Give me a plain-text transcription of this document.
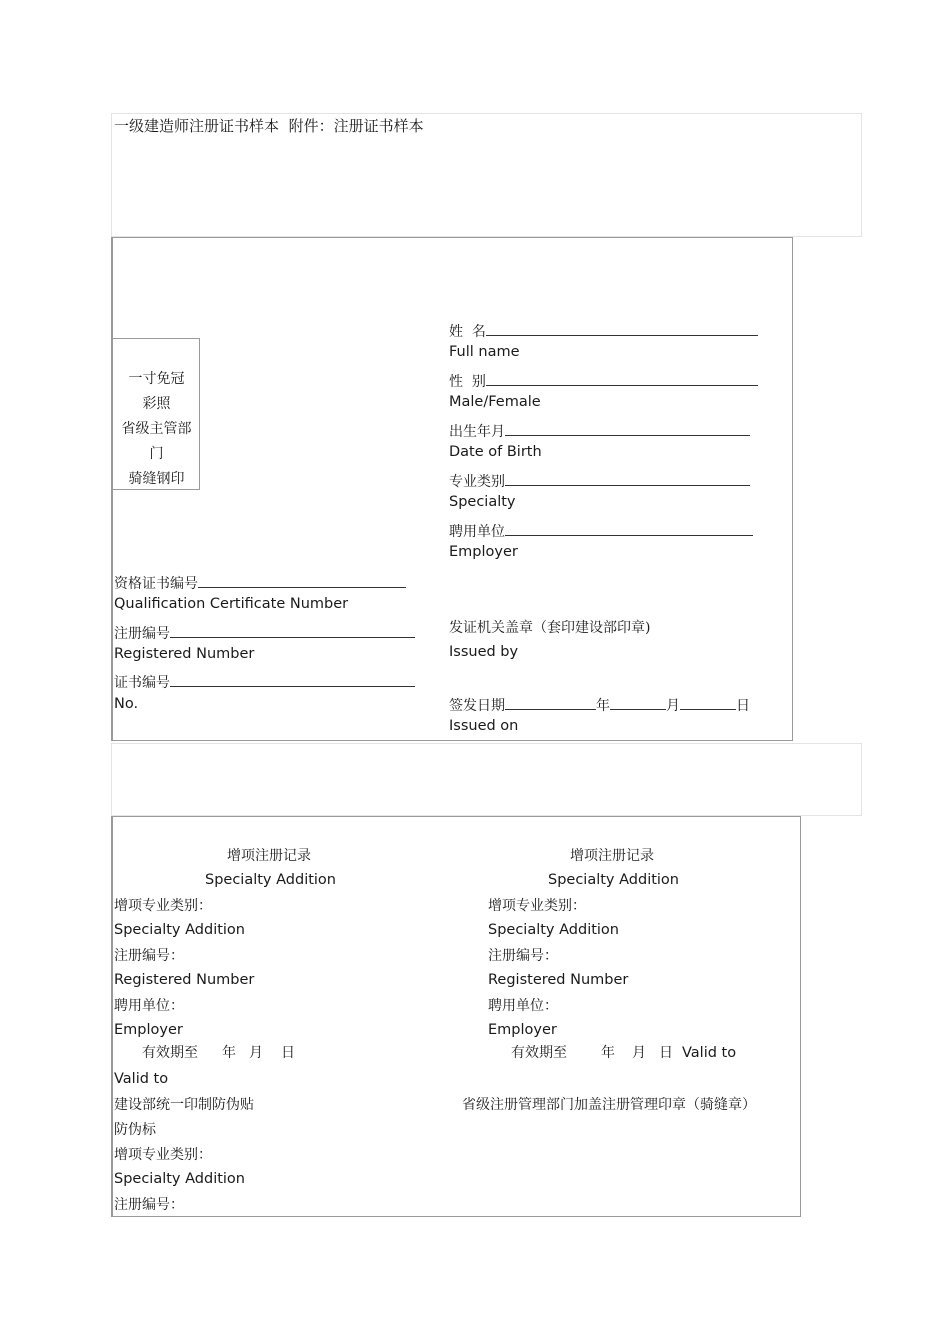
一级建造师注册证书样本 附件：注册证书样本
一寸免冠
彩照
省级主管部
门
骑缝钢印
姓  名
Full name
性  别
Male/Female
出生年月
Date of Birth
专业类别
Specialty
聘用单位
Employer
资格证书编号
Qualification Certificate Number
注册编号
Registered Number
证书编号
No.
发证机关盖章（套印建设部印章)
Issued by
签发日期	年	月	日
Issued on
增项注册记录
Specialty Addition
增项专业类别：
Specialty Addition
注册编号：
Registered Number
聘用单位：
Employer
有效期至 年 月 日
Valid to
建设部统一印制防伪贴
防伪标
增项专业类别：
Specialty Addition
注册编号：
增项注册记录
Specialty Addition
增项专业类别：
Specialty Addition
注册编号：
Registered Number
聘用单位：
Employer
有效期至 年 月 日 Valid to
省级注册管理部门加盖注册管理印章（骑缝章）
